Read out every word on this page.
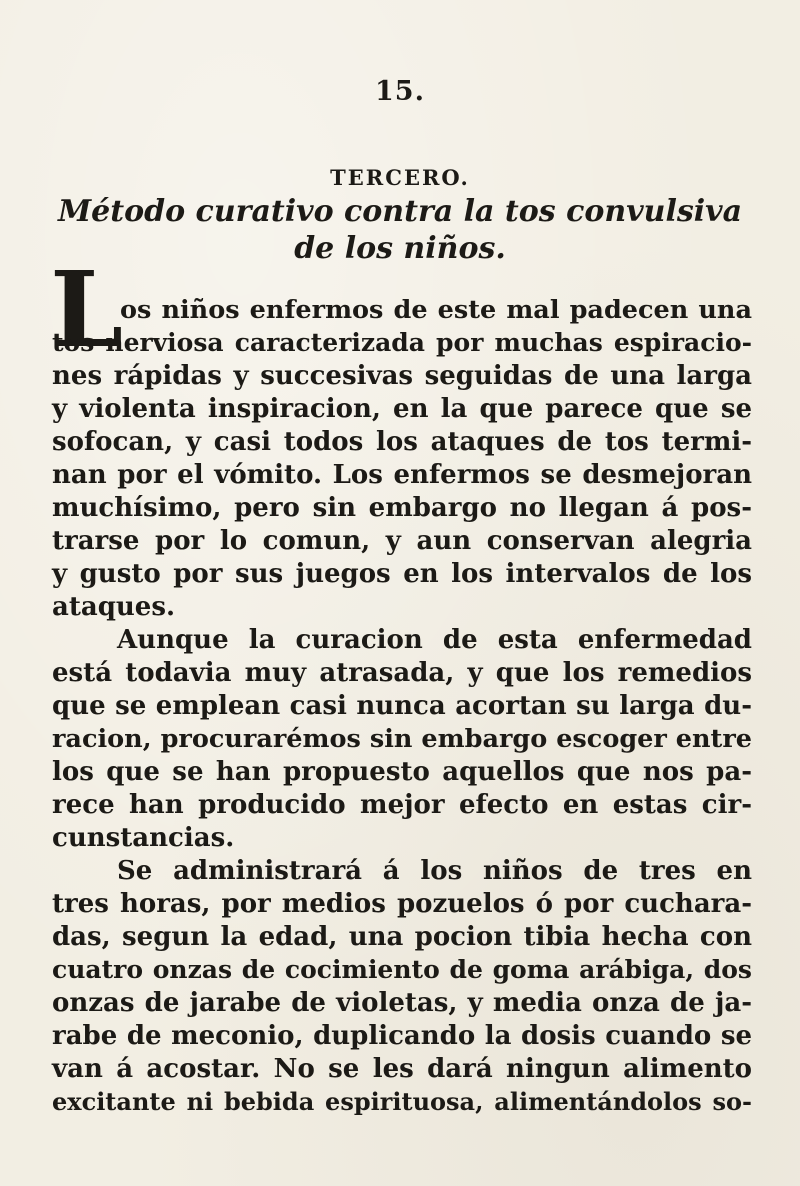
15.
TERCERO.
Método curativo contra la tos convulsiva
de los niños.
L
os niños enfermos de este mal padecen una
tos nerviosa caracterizada por muchas espiracio-
nes rápidas y succesivas seguidas de una larga
y violenta inspiracion, en la que parece que se
sofocan, y casi todos los ataques de tos termi-
nan por el vómito. Los enfermos se desmejoran
muchísimo, pero sin embargo no llegan á pos-
trarse por lo comun, y aun conservan alegria
y gusto por sus juegos en los intervalos de los
ataques.
Aunque la curacion de esta enfermedad
está todavia muy atrasada, y que los remedios
que se emplean casi nunca acortan su larga du-
racion, procurarémos sin embargo escoger entre
los que se han propuesto aquellos que nos pa-
rece han producido mejor efecto en estas cir-
cunstancias.
Se administrará á los niños de tres en
tres horas, por medios pozuelos ó por cuchara-
das, segun la edad, una pocion tibia hecha con
cuatro onzas de cocimiento de goma arábiga, dos
onzas de jarabe de violetas, y media onza de ja-
rabe de meconio, duplicando la dosis cuando se
van á acostar. No se les dará ningun alimento
excitante ni bebida espirituosa, alimentándolos so-
